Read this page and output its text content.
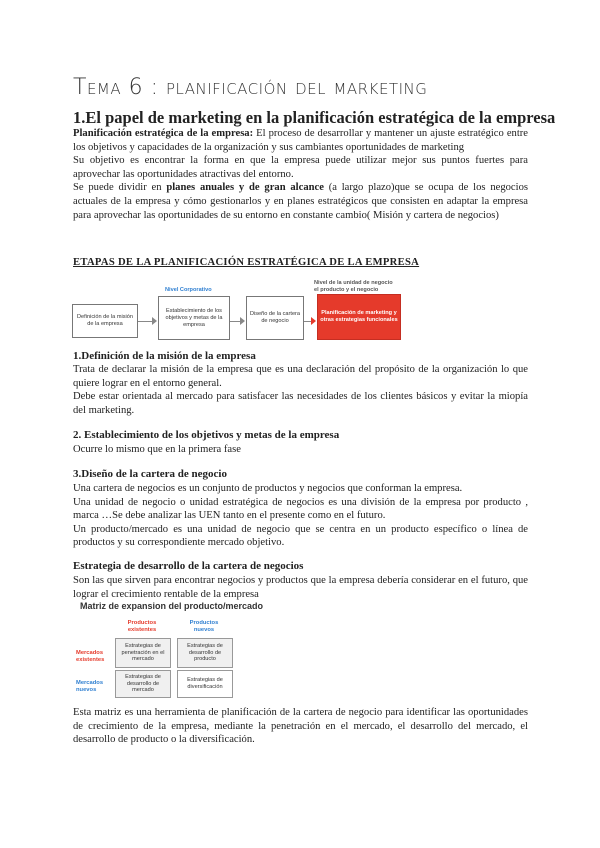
Tema 6 : planificación del marketing
1.El papel de marketing en la planificación estratégica de la empresa

Planificación estratégica de la empresa: El proceso de desarrollar y mantener un ajuste estratégico entre los objetivos y capacidades de la organización y sus cambiantes oportunidades de marketing

Su objetivo es encontrar la forma en que la empresa puede utilizar mejor sus puntos fuertes para aprovechar las oportunidades atractivas del entorno.

Se puede dividir en planes anuales y de gran alcance (a largo plazo)que se ocupa de los negocios actuales de la empresa y cómo gestionarlos y en planes estratégicos que consisten en adaptar la empresa para aprovechar las oportunidades de su entorno en constante cambio( Misión y cartera de negocios)

ETAPAS DE LA PLANIFICACIÓN ESTRATÉGICA DE LA EMPRESA
Nivel Corporativo
Nivel de la unidad de negocio el producto y el negocio
Definición de la misión de la empresa
Establecimiento de los objetivos y metas de la empresa
Diseño de la cartera de negocio
Planificación de marketing y otras estrategias funcionales
1.Definición de la misión de la empresa

Trata de declarar la misión de la empresa que es una declaración del propósito de la organización lo que quiere lograr en el entorno general.

Debe estar orientada al mercado para satisfacer las necesidades de los clientes básicos y evitar la miopía del marketing.

2. Establecimiento de los objetivos y metas de la empresa

Ocurre lo mismo que en la primera fase

3.Diseño de la cartera de negocio

Una cartera de negocios es un conjunto de productos y negocios que conforman la empresa.

Una unidad de negocio o unidad estratégica de negocios es una división de la empresa por producto , marca …Se debe analizar las UEN tanto en el presente como en el futuro.

Un producto/mercado es una unidad de negocio que se centra en un producto específico o línea de productos y su correspondiente mercado objetivo.

Estrategia de desarrollo de la cartera de negocios

Son las que sirven para encontrar negocios y productos que la empresa debería considerar en el futuro, que lograr el crecimiento rentable de la empresa

Matriz de expansion del producto/mercado
Productos existentes
Productos nuevos
Mercados existentes
Mercados nuevos
Estrategias de penetración en el mercado
Estrategias de desarrollo de producto
Estrategias de desarrollo de mercado
Estrategias de diversificación

Esta matriz es una herramienta de planificación de la cartera de negocio para identificar las oportunidades de crecimiento de la empresa, mediante la penetración en el mercado, el desarrollo del mercado, el desarrollo de producto o la diversificación.
